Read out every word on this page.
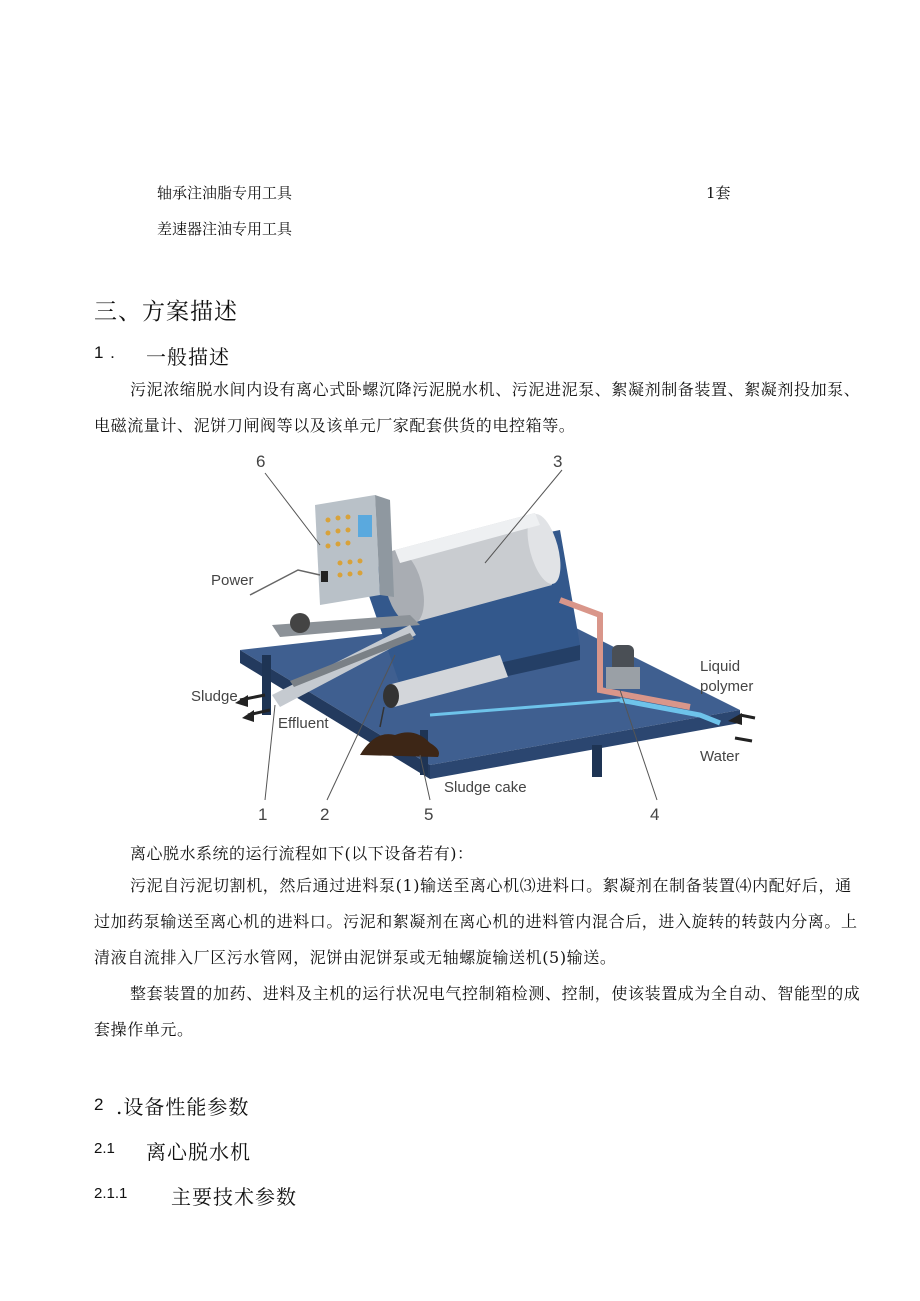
轴承注油脂专用工具	1套
差速器注油专用工具
三、方案描述
1 . 一般描述
污泥浓缩脱水间内设有离心式卧螺沉降污泥脱水机、污泥进泥泵、絮凝剂制备装置、絮凝剂投加泵、电磁流量计、泥饼刀闸阀等以及该单元厂家配套供货的电控箱等。
6	3
1	2	5	4
Power
Sludge
Effluent
Sludge cake
Liquid
polymer
Water
离心脱水系统的运行流程如下(以下设备若有)：
污泥自污泥切割机，然后通过进料泵(1)输送至离心机⑶进料口。絮凝剂在制备装置⑷内配好后，通过加药泵输送至离心机的进料口。污泥和絮凝剂在离心机的进料管内混合后，进入旋转的转鼓内分离。上清液自流排入厂区污水管网，泥饼由泥饼泵或无轴螺旋输送机(5)输送。
整套装置的加药、进料及主机的运行状况电气控制箱检测、控制，使该装置成为全自动、智能型的成套操作单元。
2 .设备性能参数
2.1 离心脱水机
2.1.1 主要技术参数
